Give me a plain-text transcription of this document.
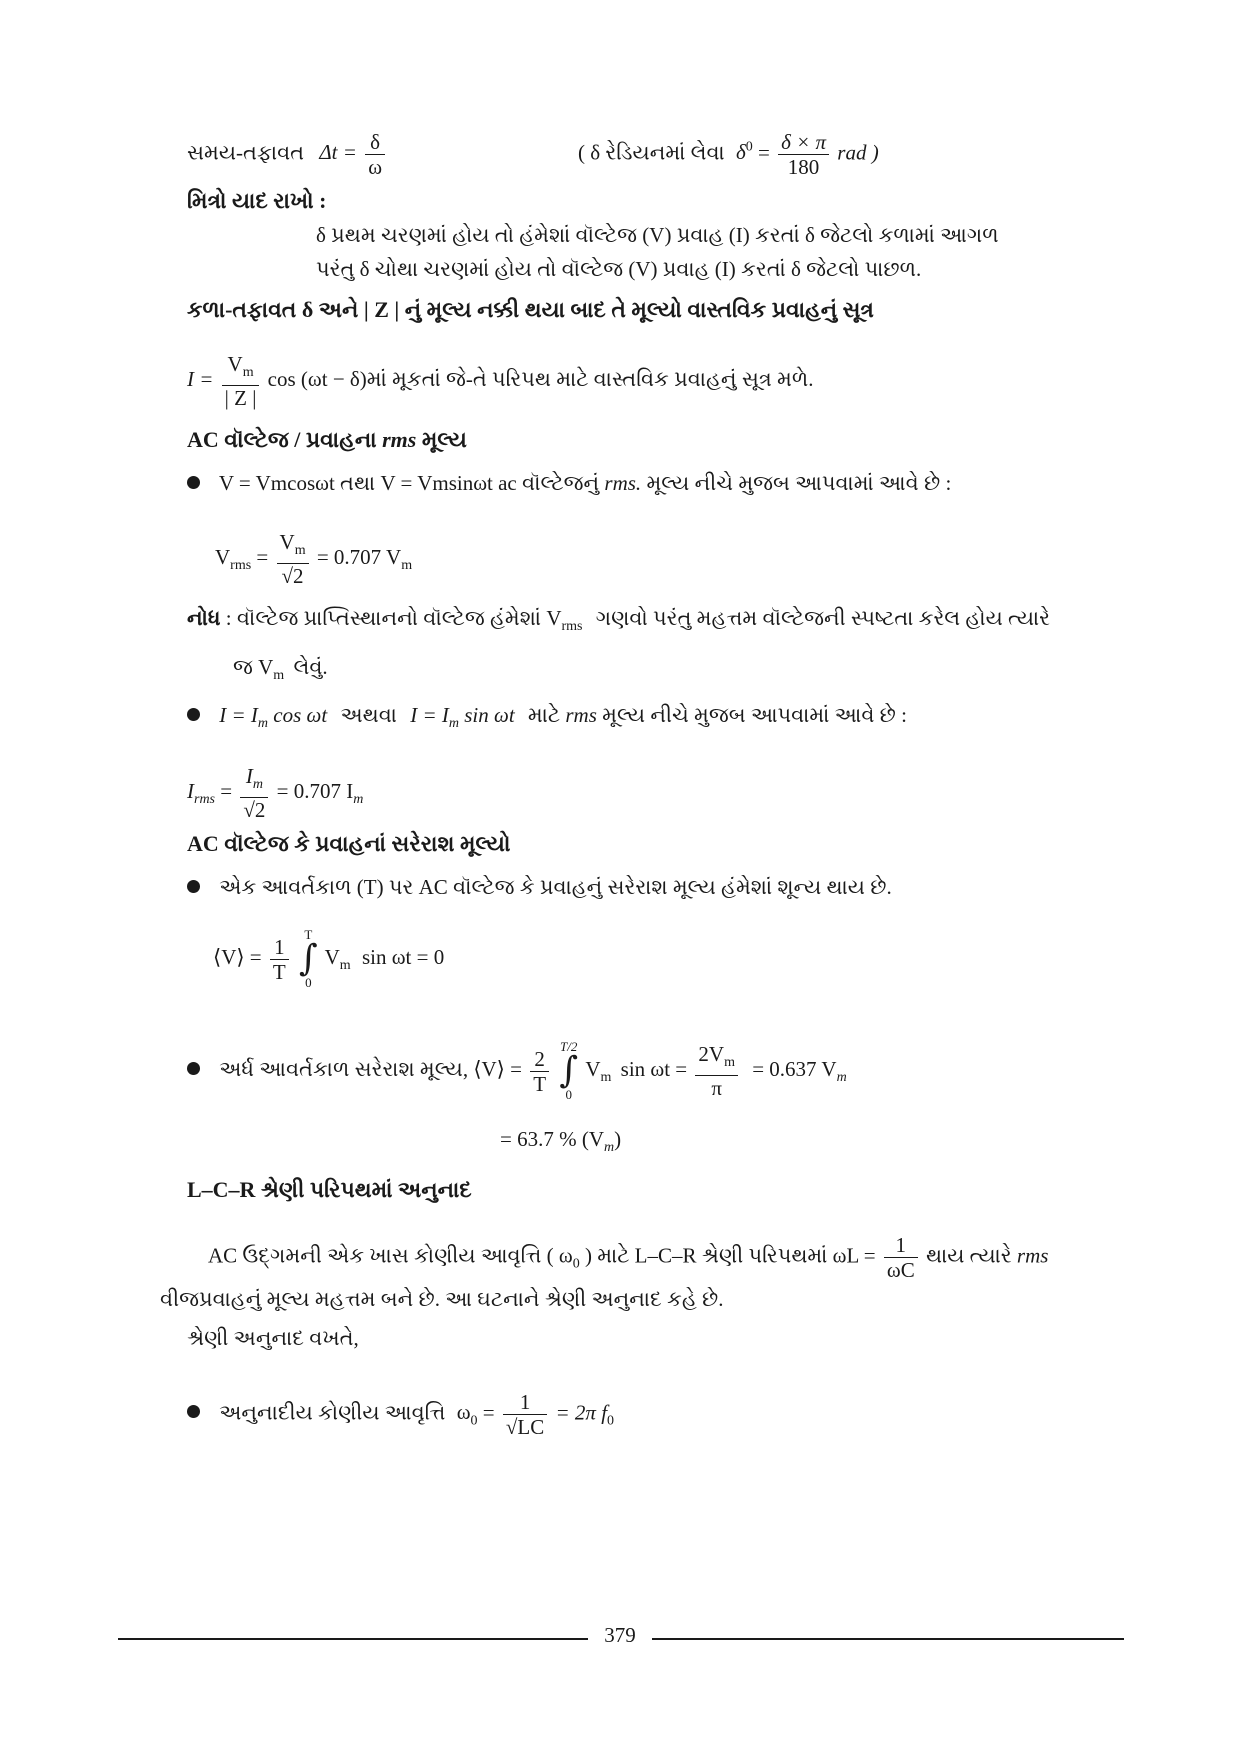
સમય-તફાવત $\Delta t = \frac{\delta}{\omega}$	( δ રેડિયનમાં લેવા $\delta^0 = \frac{\delta \times \pi}{180}$ rad )
મિત્રો યાદ રાખો :
δ પ્રથમ ચરણમાં હોય તો હંમેશાં વૉલ્ટેજ (V) પ્રવાહ (I) કરતાં δ જેટલો કળામાં આગળ
પરંતુ δ ચોથા ચરણમાં હોય તો વૉલ્ટેજ (V) પ્રવાહ (I) કરતાં δ જેટલો પાછળ.
કળા-તફાવત δ અને | Z | નું મૂલ્ય નક્કી થયા બાદ તે મૂલ્યો વાસ્તવિક પ્રવાહનું સૂત્ર
$I = \frac{V_m}{| Z |}$ cos (ωt − δ)માં મૂકતાં જે-તે પરિપથ માટે વાસ્તવિક પ્રવાહનું સૂત્ર મળે.
AC વૉલ્ટેજ / પ્રવાહના rms મૂલ્ય
V = Vmcosωt તથા V = Vmsinωt ac વૉલ્ટેજનું rms. મૂલ્ય નીચે મુજબ આપવામાં આવે છે :
$V_{rms} = \frac{V_m}{√2} = 0.707$ $V_m$
નોધ : વૉલ્ટેજ પ્રાપ્તિસ્થાનનો વૉલ્ટેજ હંમેશાં $V_{rms}$ ગણવો પરંતુ મહત્તમ વૉલ્ટેજની સ્પષ્ટતા કરેલ હોય ત્યારે
જ $V_m$ લેવું.
$I = I_m$ cos ωt અથવા $I = I_m$ sin ωt માટે rms મૂલ્ય નીચે મુજબ આપવામાં આવે છે :
$I_{rms} = \frac{I_m}{√2} = 0.707$ $I_m$
AC વૉલ્ટેજ કે પ્રવાહનાં સરેરાશ મૂલ્યો
એક આવર્તકાળ (T) પર AC વૉલ્ટેજ કે પ્રવાહનું સરેરાશ મૂલ્ય હંમેશાં શૂન્ય થાય છે.
⟨V⟩ = $\frac{1}{T}$
	T
∫
0
$V_m$ sin ωt = 0
અર્ધ આવર્તકાળ સરેરાશ મૂલ્ય, ⟨V⟩ = $\frac{2}{T}$
T/2
∫
0
$V_m$ $\sin \omega t = \frac{2V_m}{\pi} = 0.637$ $V_m$
= 63.7 % $(V_m)$
L–C–R શ્રેણી પરિપથમાં અનુનાદ
AC ઉદ્‌ગમની એક ખાસ કોણીય આવૃત્તિ ( $\omega_0$ ) માટે L–C–R શ્રેણી પરિપથમાં $\omega L = \frac{1}{\omega C}$ થાય ત્યારે rms
વીજપ્રવાહનું મૂલ્ય મહત્તમ બને છે. આ ઘટનાને શ્રેણી અનુનાદ કહે છે.
શ્રેણી અનુનાદ વખતે,
અનુનાદીય કોણીય આવૃત્તિ $\omega_0 = \frac{1}{√LC} = 2\pi$ $f_0$
379
